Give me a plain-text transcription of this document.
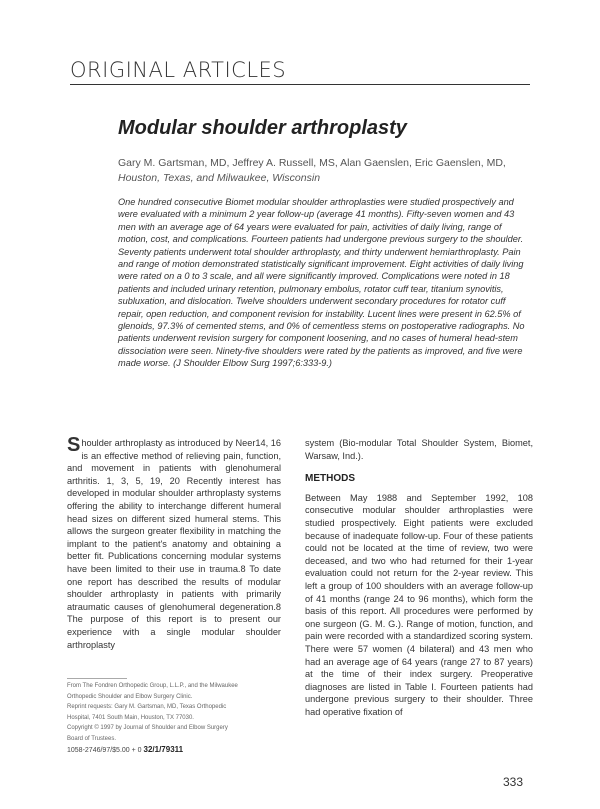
ORIGINAL ARTICLES
Modular shoulder arthroplasty
Gary M. Gartsman, MD, Jeffrey A. Russell, MS, Alan Gaenslen, Eric Gaenslen, MD,
Houston, Texas, and Milwaukee, Wisconsin

One hundred consecutive Biomet modular shoulder arthroplasties were studied prospectively and were evaluated with a minimum 2 year follow-up (average 41 months). Fifty-seven women and 43 men with an average age of 64 years were evaluated for pain, activities of daily living, range of motion, cost, and complications. Fourteen patients had undergone previous surgery to the shoulder. Seventy patients underwent total shoulder arthroplasty, and thirty underwent hemiarthroplasty. Pain and range of motion demonstrated statistically significant improvement. Eight activities of daily living were rated on a 0 to 3 scale, and all were significantly improved. Complications were noted in 18 patients and included urinary retention, pulmonary embolus, rotator cuff tear, titanium synovitis, subluxation, and dislocation. Twelve shoulders underwent secondary procedures for rotator cuff repair, open reduction, and component revision for instability. Lucent lines were present in 62.5% of glenoids, 97.3% of cemented stems, and 0% of cementless stems on postoperative radiographs. No patients underwent revision surgery for component loosening, and no cases of humeral head-stem dissociation were seen. Ninety-five shoulders were rated by the patients as improved, and five were made worse. (J Shoulder Elbow Surg 1997;6:333-9.)

Shoulder arthroplasty as introduced by Neer14, 16 is an effective method of relieving pain, function, and movement in patients with glenohumeral arthritis. 1, 3, 5, 19, 20 Recently interest has developed in modular shoulder arthroplasty systems offering the ability to interchange different humeral head sizes on different sized humeral stems. This allows the surgeon greater flexibility in matching the implant to the patient's anatomy and obtaining a better fit. Publications concerning modular systems have been limited to their use in trauma.8 To date one report has described the results of modular shoulder arthroplasty in patients with primarily atraumatic causes of glenohumeral degeneration.8 The purpose of this report is to present our experience with a single modular shoulder arthroplasty

From The Fondren Orthopedic Group, L.L.P., and the Milwaukee

Orthopedic Shoulder and Elbow Surgery Clinic.

Reprint requests: Gary M. Gartsman, MD, Texas Orthopedic

Hospital, 7401 South Main, Houston, TX 77030.

Copyright © 1997 by Journal of Shoulder and Elbow Surgery

Board of Trustees.

1058-2746/97/$5.00 + 0 32/1/79311

system (Bio-modular Total Shoulder System, Biomet, Warsaw, Ind.).

METHODS

Between May 1988 and September 1992, 108 consecutive modular shoulder arthroplasties were studied prospectively. Eight patients were excluded because of inadequate follow-up. Four of these patients could not be located at the time of review, two were deceased, and two who had returned for their 1-year evaluation could not return for the 2-year review. This left a group of 100 shoulders with an average follow-up of 41 months (range 24 to 96 months), which form the basis of this report. All procedures were performed by one surgeon (G. M. G.). Range of motion, function, and pain were recorded with a standardized scoring system. There were 57 women (4 bilateral) and 43 men who had an average age of 64 years (range 27 to 87 years) at the time of their index surgery. Preoperative diagnoses are listed in Table I. Fourteen patients had undergone previous surgery to their shoulder. Three had operative fixation of

333
